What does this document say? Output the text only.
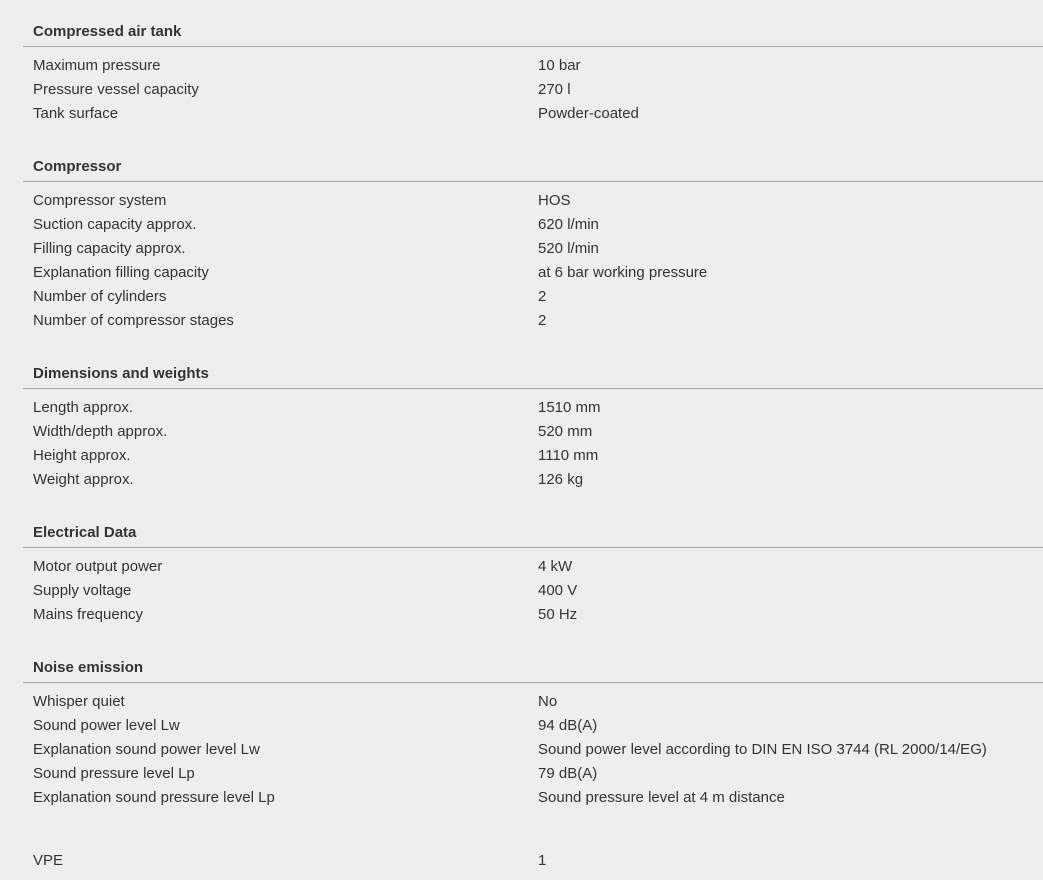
Compressed air tank
Maximum pressure	10 bar
Pressure vessel capacity	270 l
Tank surface	Powder-coated
Compressor
Compressor system	HOS
Suction capacity approx.	620 l/min
Filling capacity approx.	520 l/min
Explanation filling capacity	at 6 bar working pressure
Number of cylinders	2
Number of compressor stages	2
Dimensions and weights
Length approx.	1510 mm
Width/depth approx.	520 mm
Height approx.	1110 mm
Weight approx.	126 kg
Electrical Data
Motor output power	4 kW
Supply voltage	400 V
Mains frequency	50 Hz
Noise emission
Whisper quiet	No
Sound power level Lw	94 dB(A)
Explanation sound power level Lw	Sound power level according to DIN EN ISO 3744 (RL 2000/14/EG)
Sound pressure level Lp	79 dB(A)
Explanation sound pressure level Lp	Sound pressure level at 4 m distance
VPE	1
